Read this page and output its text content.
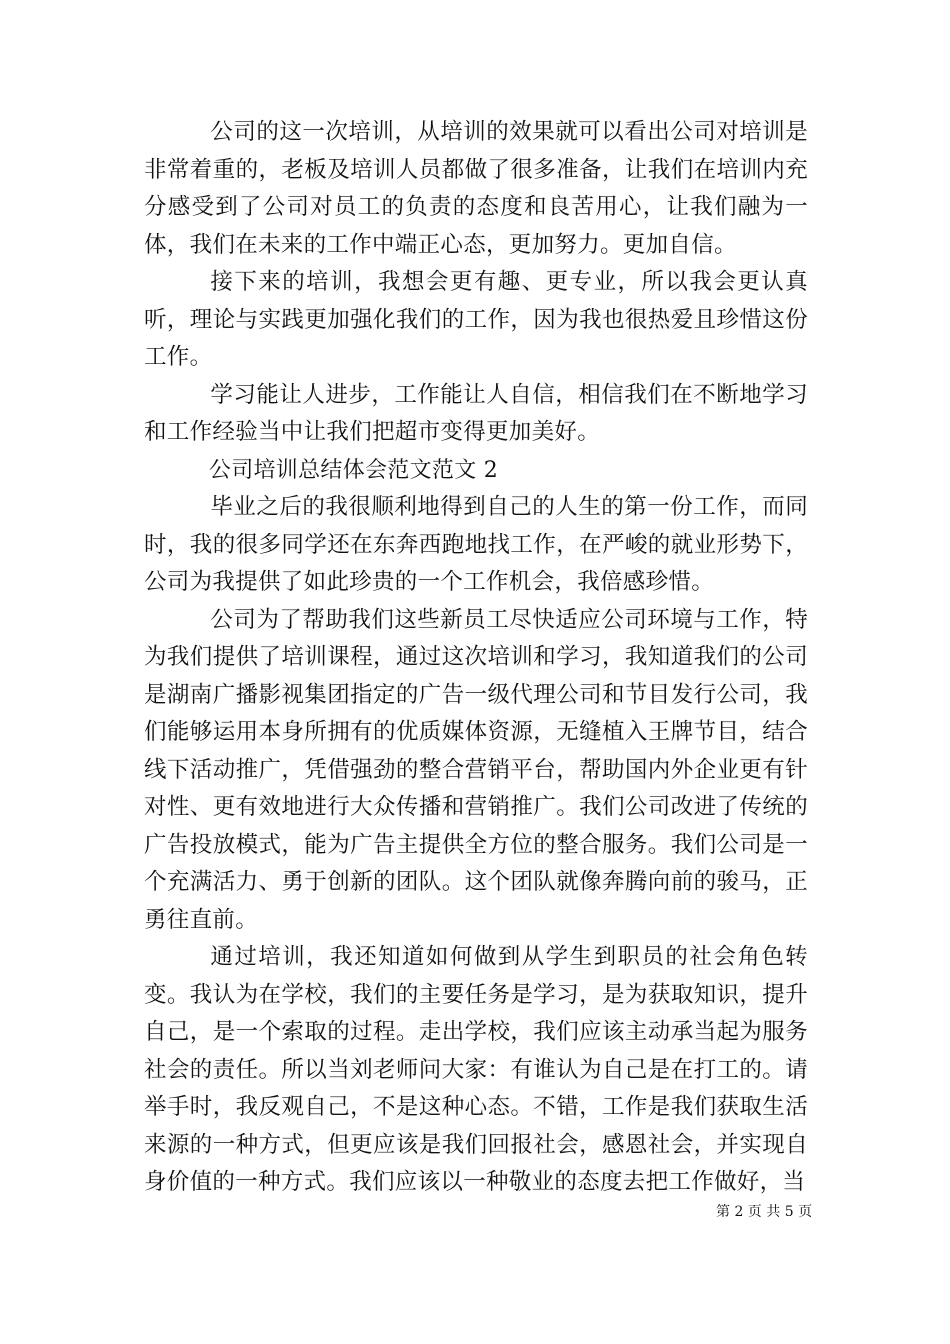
公司的这一次培训，从培训的效果就可以看出公司对培训是非常着重的，老板及培训人员都做了很多准备，让我们在培训内充分感受到了公司对员工的负责的态度和良苦用心，让我们融为一体，我们在未来的工作中端正心态，更加努力。更加自信。

接下来的培训，我想会更有趣、更专业，所以我会更认真听，理论与实践更加强化我们的工作，因为我也很热爱且珍惜这份工作。

学习能让人进步，工作能让人自信，相信我们在不断地学习和工作经验当中让我们把超市变得更加美好。

公司培训总结体会范文范文 2

毕业之后的我很顺利地得到自己的人生的第一份工作，而同时，我的很多同学还在东奔西跑地找工作，在严峻的就业形势下，公司为我提供了如此珍贵的一个工作机会，我倍感珍惜。

公司为了帮助我们这些新员工尽快适应公司环境与工作，特为我们提供了培训课程，通过这次培训和学习，我知道我们的公司是湖南广播影视集团指定的广告一级代理公司和节目发行公司，我们能够运用本身所拥有的优质媒体资源，无缝植入王牌节目，结合线下活动推广，凭借强劲的整合营销平台，帮助国内外企业更有针对性、更有效地进行大众传播和营销推广。我们公司改进了传统的广告投放模式，能为广告主提供全方位的整合服务。我们公司是一个充满活力、勇于创新的团队。这个团队就像奔腾向前的骏马，正勇往直前。

通过培训，我还知道如何做到从学生到职员的社会角色转变。我认为在学校，我们的主要任务是学习，是为获取知识，提升自己，是一个索取的过程。走出学校，我们应该主动承当起为服务社会的责任。所以当刘老师问大家：有谁认为自己是在打工的。请举手时，我反观自己，不是这种心态。不错，工作是我们获取生活来源的一种方式，但更应该是我们回报社会，感恩社会，并实现自身价值的一种方式。我们应该以一种敬业的态度去把工作做好，当

第 2 页 共 5 页
